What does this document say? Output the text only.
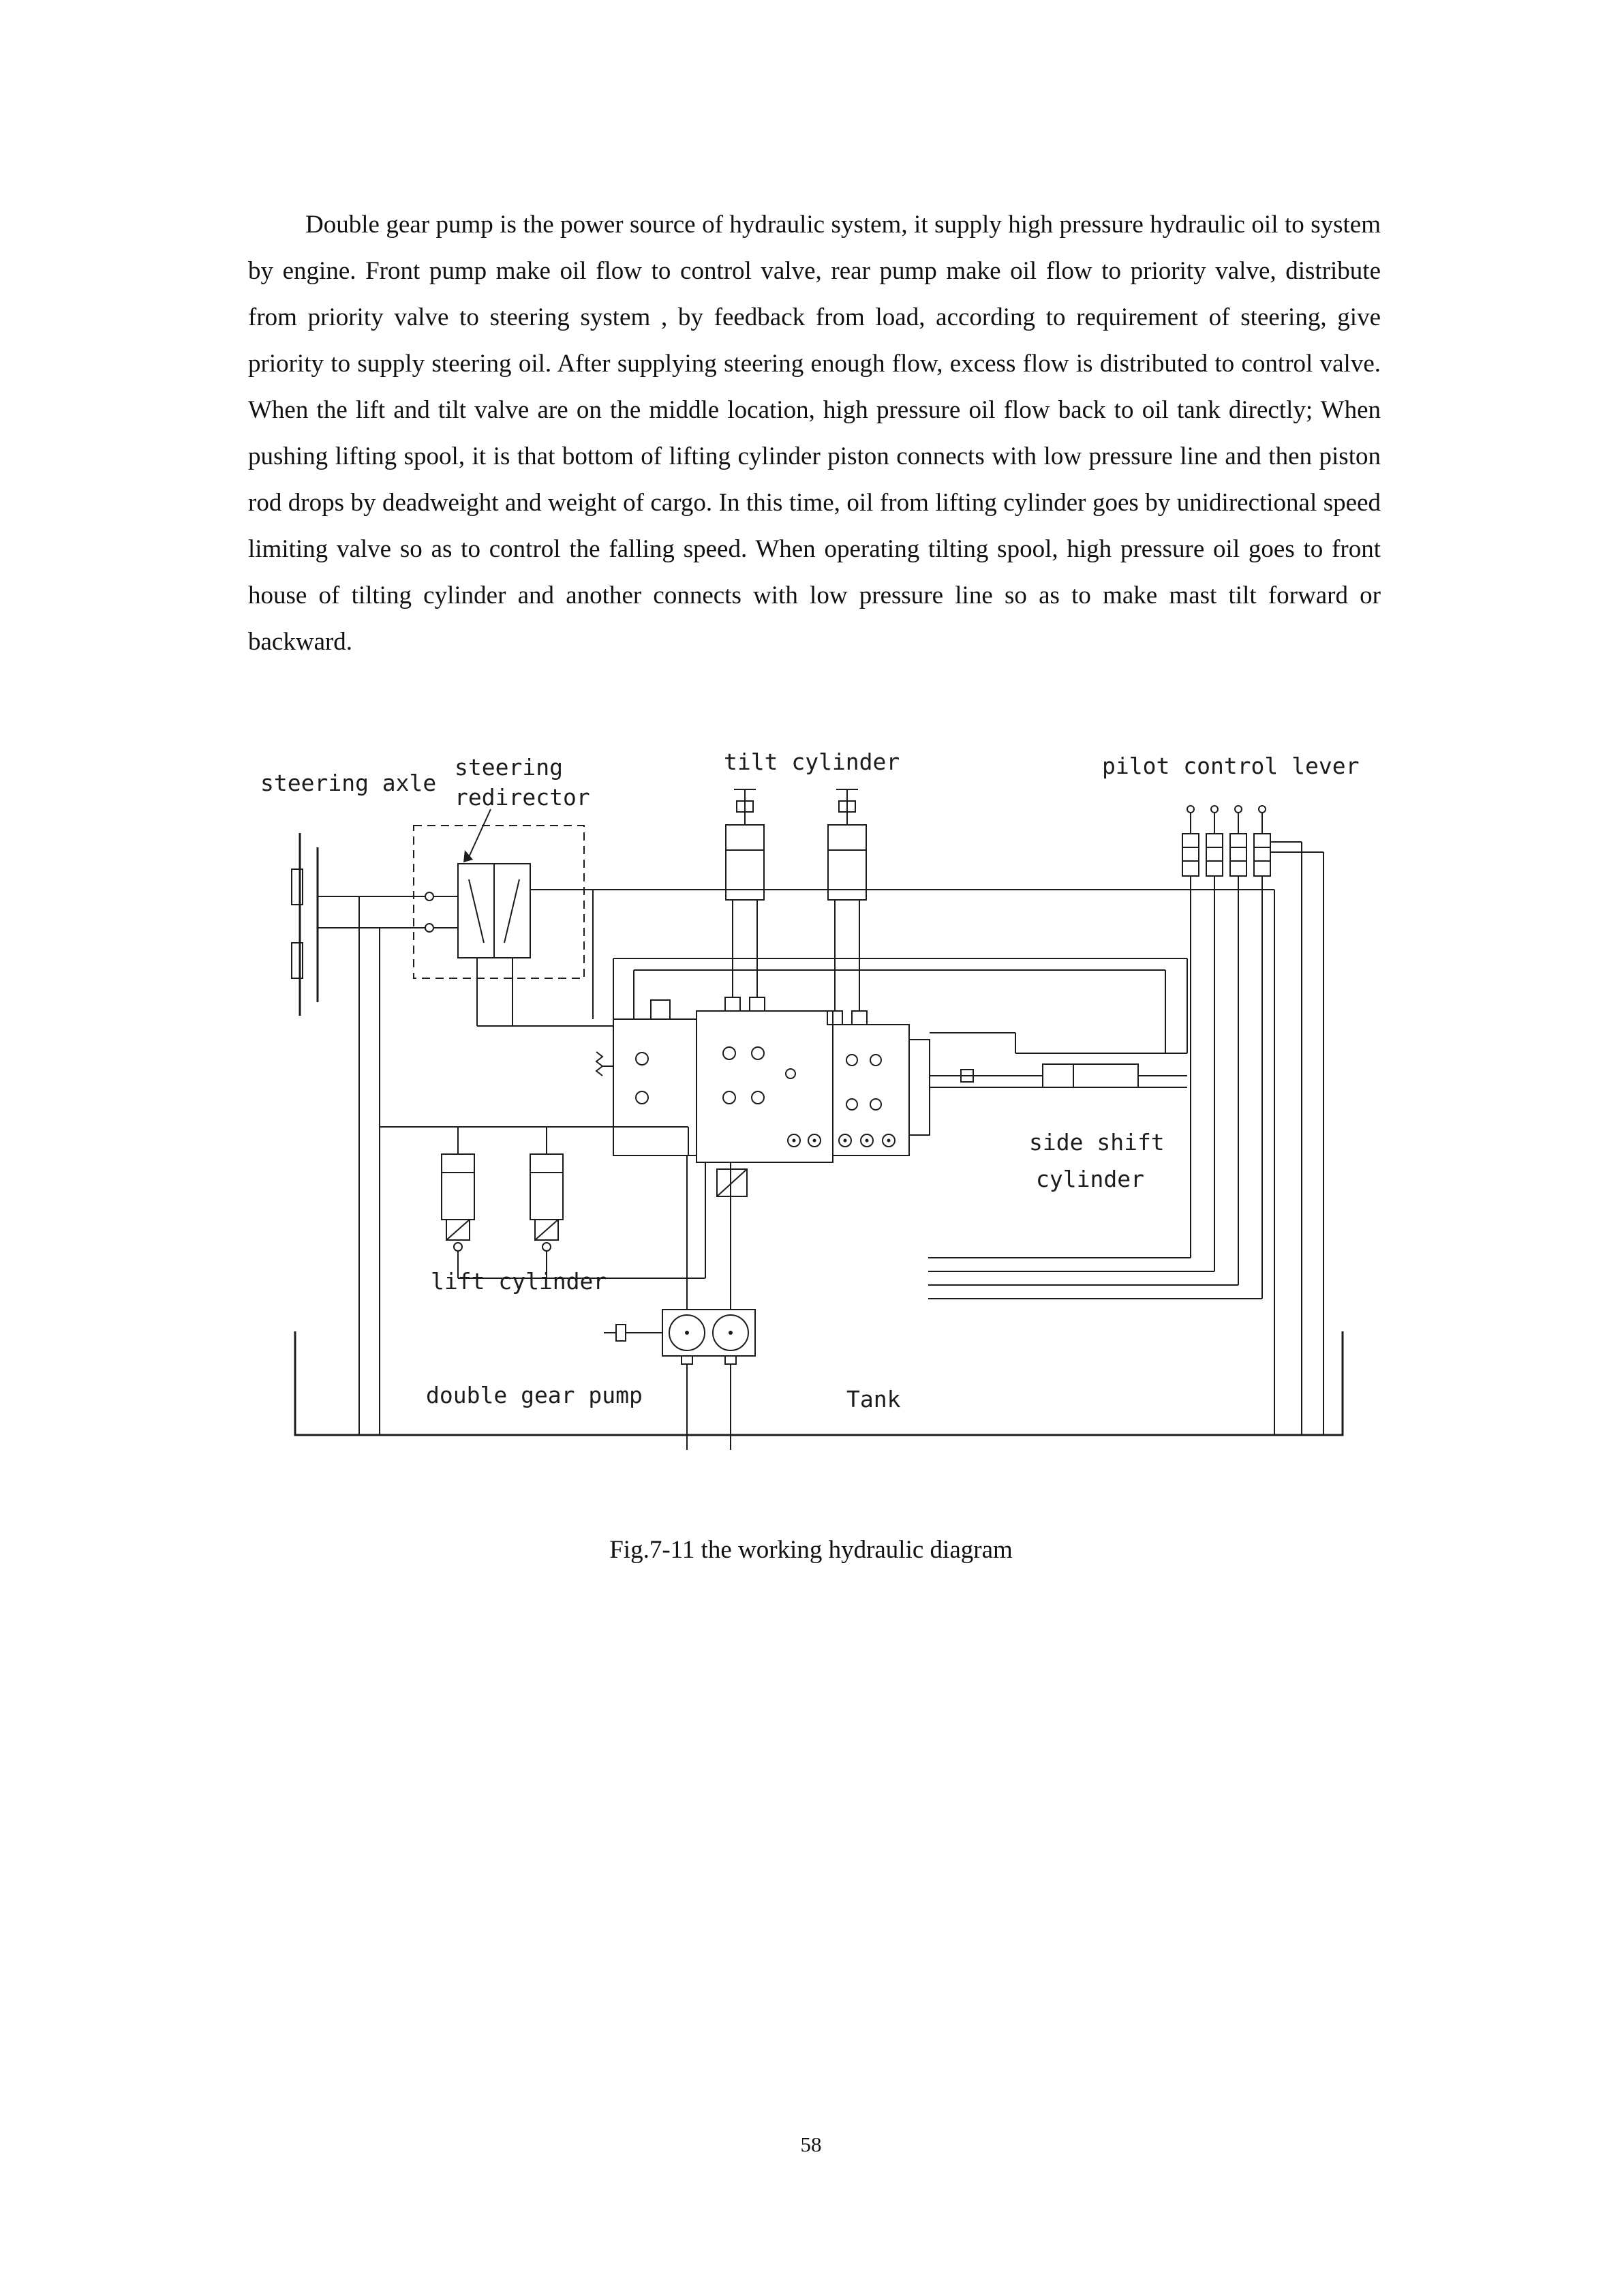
Double gear pump is the power source of hydraulic system, it supply high pressure hydraulic oil to system by engine. Front pump make oil flow to control valve, rear pump make oil flow to priority valve, distribute from priority valve to steering system , by feedback from load, according to requirement of steering, give priority to supply steering oil. After supplying steering enough flow, excess flow is distributed to control valve. When the lift and tilt valve are on the middle location, high pressure oil flow back to oil tank directly; When pushing lifting spool, it is that bottom of lifting cylinder piston connects with low pressure line and then piston rod drops by deadweight and weight of cargo. In this time, oil from lifting cylinder goes by unidirectional speed limiting valve so as to control the falling speed. When operating tilting spool, high pressure oil goes to front house of tilting cylinder and another connects with low pressure line so as to make mast tilt forward or backward.
steering axle
steering
redirector
tilt cylinder	pilot control lever
side shift
cylinder
lift cylinder
double gear pump	Tank
Fig.7-11 the working hydraulic diagram
58
